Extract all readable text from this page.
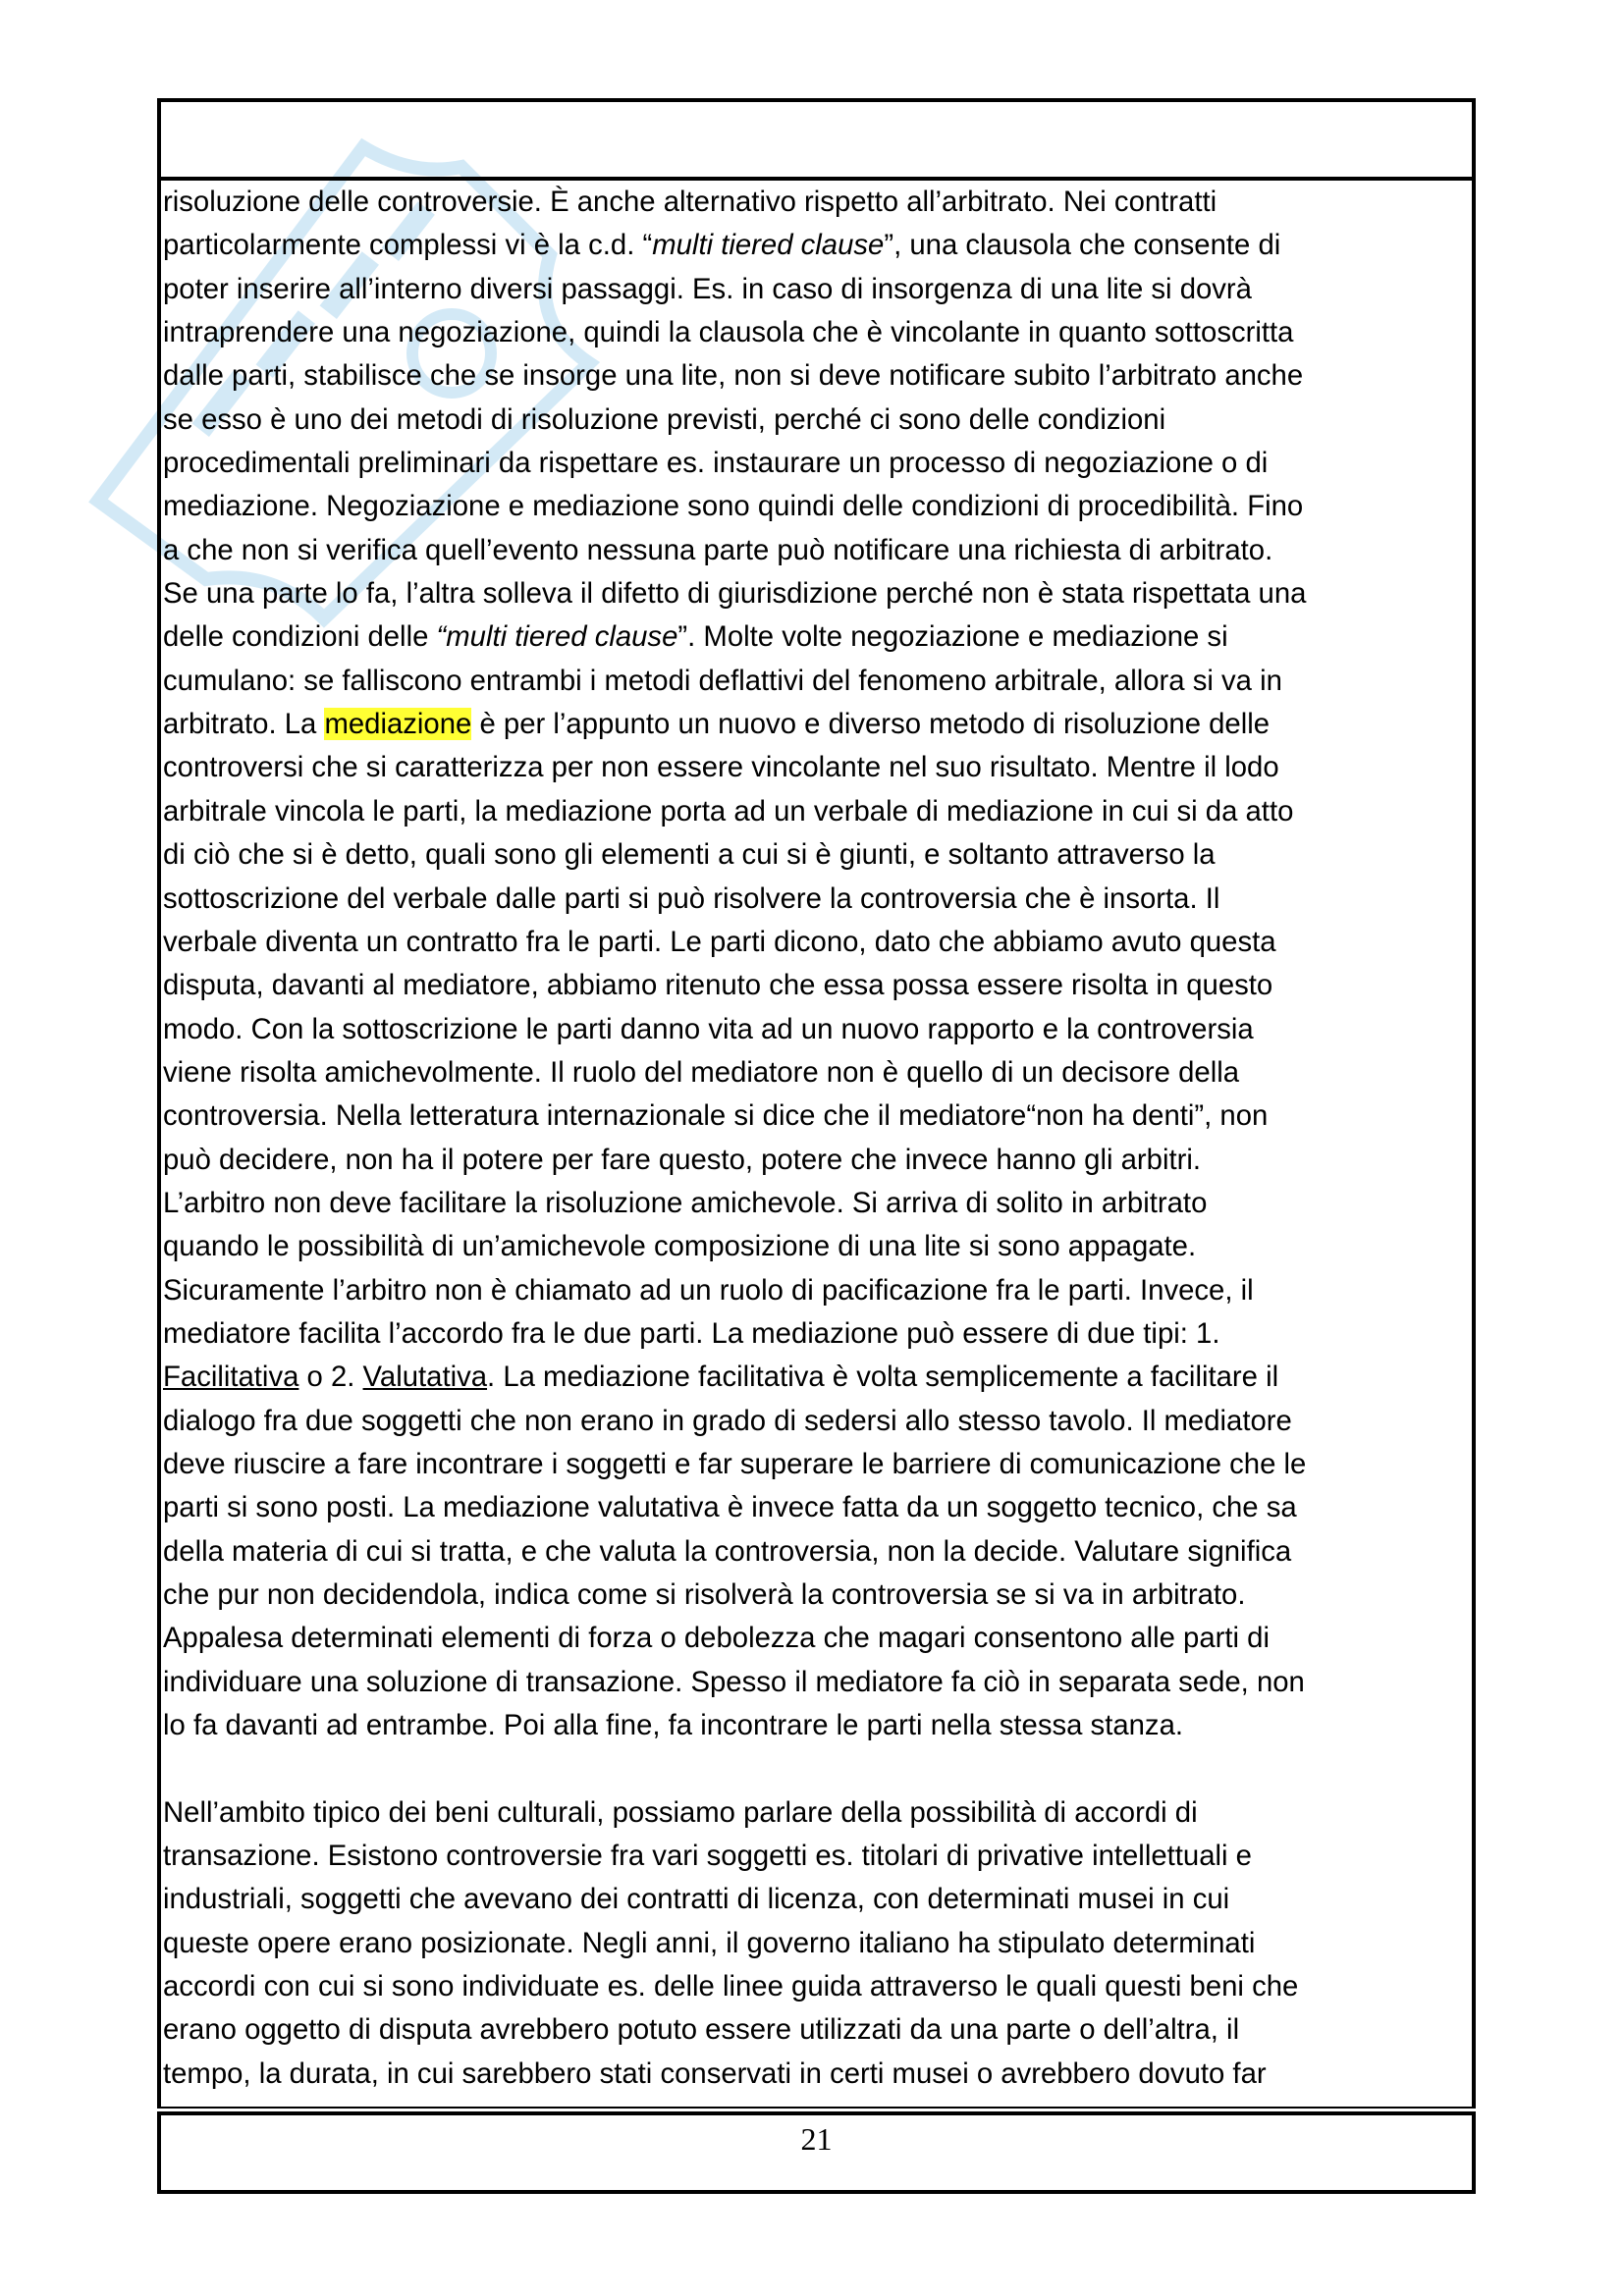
risoluzione delle controversie. È anche alternativo rispetto all’arbitrato. Nei contratti
particolarmente complessi vi è la c.d. “multi tiered clause”, una clausola che consente di
poter inserire all’interno diversi passaggi. Es. in caso di insorgenza di una lite si dovrà
intraprendere una negoziazione, quindi la clausola che è vincolante in quanto sottoscritta
dalle parti, stabilisce che se insorge una lite, non si deve notificare subito l’arbitrato anche
se esso è uno dei metodi di risoluzione previsti, perché ci sono delle condizioni
procedimentali preliminari da rispettare es. instaurare un processo di negoziazione o di
mediazione. Negoziazione e mediazione sono quindi delle condizioni di procedibilità. Fino
a che non si verifica quell’evento nessuna parte può notificare una richiesta di arbitrato.
Se una parte lo fa, l’altra solleva il difetto di giurisdizione perché non è stata rispettata una
delle condizioni delle “multi tiered clause”. Molte volte negoziazione e mediazione si
cumulano: se falliscono entrambi i metodi deflattivi del fenomeno arbitrale, allora si va in
arbitrato. La mediazione è per l’appunto un nuovo e diverso metodo di risoluzione delle
controversi che si caratterizza per non essere vincolante nel suo risultato. Mentre il lodo
arbitrale vincola le parti, la mediazione porta ad un verbale di mediazione in cui si da atto
di ciò che si è detto, quali sono gli elementi a cui si è giunti, e soltanto attraverso la
sottoscrizione del verbale dalle parti si può risolvere la controversia che è insorta. Il
verbale diventa un contratto fra le parti. Le parti dicono, dato che abbiamo avuto questa
disputa, davanti al mediatore, abbiamo ritenuto che essa possa essere risolta in questo
modo. Con la sottoscrizione le parti danno vita ad un nuovo rapporto e la controversia
viene risolta amichevolmente. Il ruolo del mediatore non è quello di un decisore della
controversia. Nella letteratura internazionale si dice che il mediatore“non ha denti”, non
può decidere, non ha il potere per fare questo, potere che invece hanno gli arbitri.
L’arbitro non deve facilitare la risoluzione amichevole. Si arriva di solito in arbitrato
quando le possibilità di un’amichevole composizione di una lite si sono appagate.
Sicuramente l’arbitro non è chiamato ad un ruolo di pacificazione fra le parti. Invece, il
mediatore facilita l’accordo fra le due parti. La mediazione può essere di due tipi: 1.
Facilitativa o 2. Valutativa. La mediazione facilitativa è volta semplicemente a facilitare il
dialogo fra due soggetti che non erano in grado di sedersi allo stesso tavolo. Il mediatore
deve riuscire a fare incontrare i soggetti e far superare le barriere di comunicazione che le
parti si sono posti. La mediazione valutativa è invece fatta da un soggetto tecnico, che sa
della materia di cui si tratta, e che valuta la controversia, non la decide. Valutare significa
che pur non decidendola, indica come si risolverà la controversia se si va in arbitrato.
Appalesa determinati elementi di forza o debolezza che magari consentono alle parti di
individuare una soluzione di transazione. Spesso il mediatore fa ciò in separata sede, non
lo fa davanti ad entrambe. Poi alla fine, fa incontrare le parti nella stessa stanza.
Nell’ambito tipico dei beni culturali, possiamo parlare della possibilità di accordi di
transazione. Esistono controversie fra vari soggetti es. titolari di privative intellettuali e
industriali, soggetti che avevano dei contratti di licenza, con determinati musei in cui
queste opere erano posizionate. Negli anni, il governo italiano ha stipulato determinati
accordi con cui si sono individuate es. delle linee guida attraverso le quali questi beni che
erano oggetto di disputa avrebbero potuto essere utilizzati da una parte o dell’altra, il
tempo, la durata, in cui sarebbero stati conservati in certi musei o avrebbero dovuto far
21
